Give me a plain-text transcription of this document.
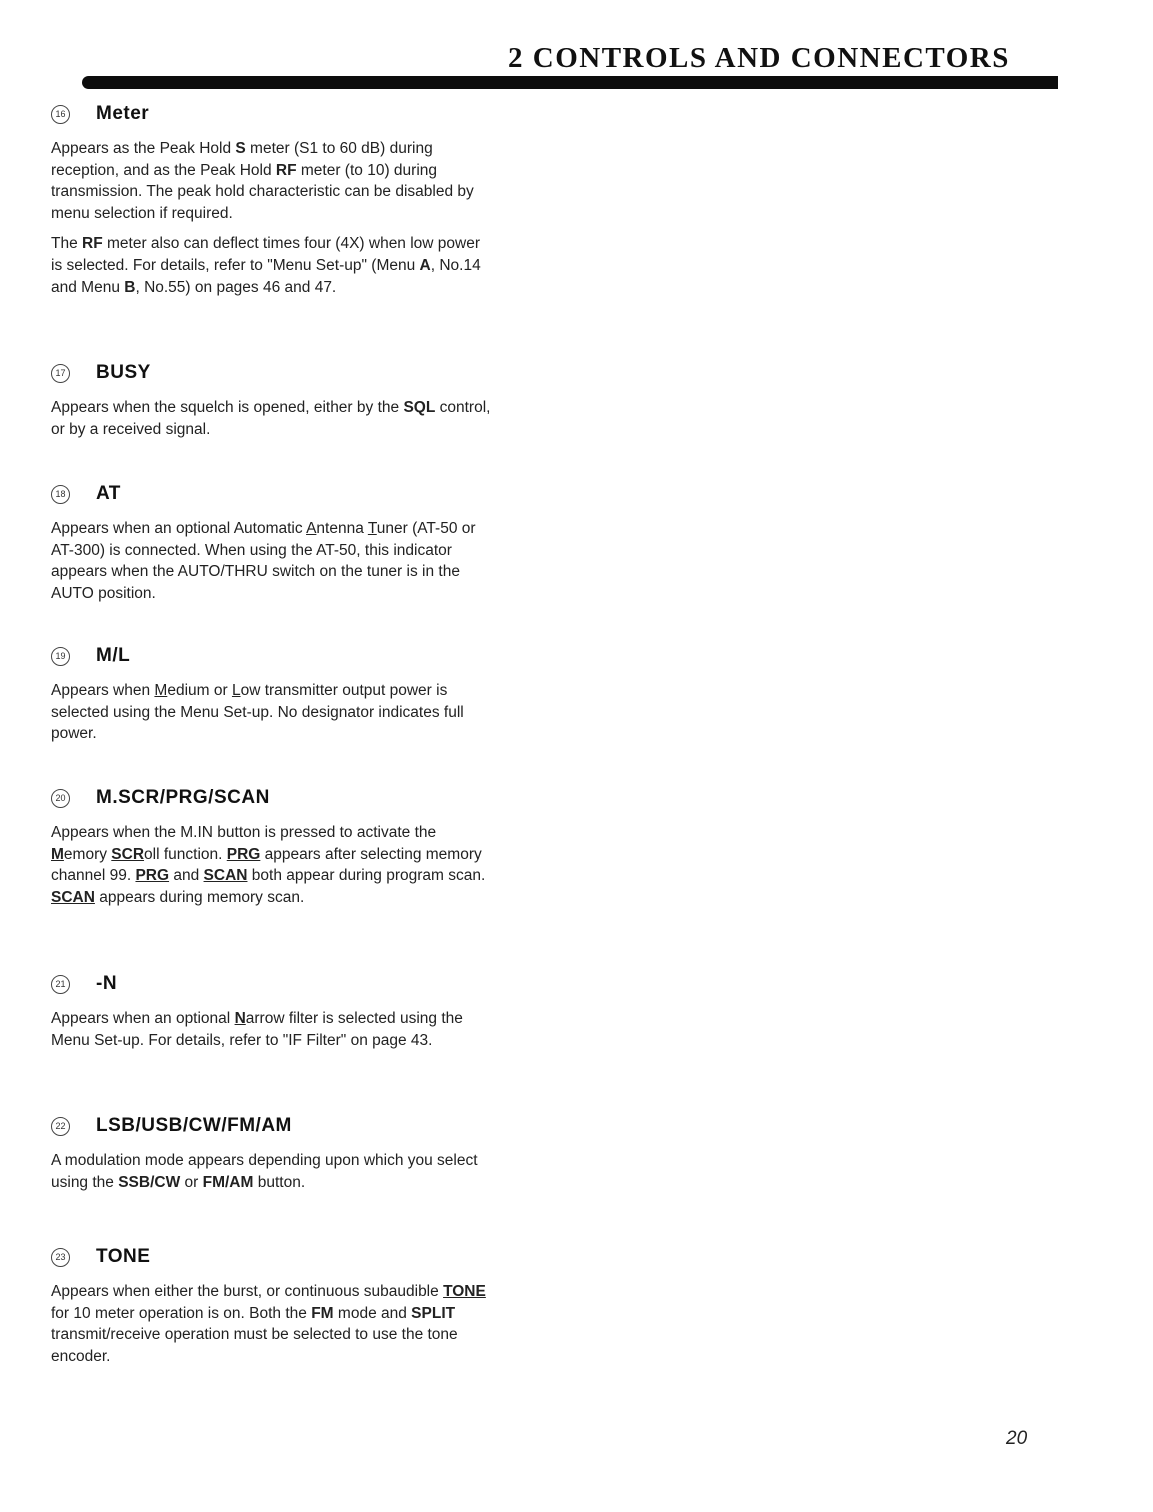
2 CONTROLS AND CONNECTORS
16 Meter

Appears as the Peak Hold S meter (S1 to 60 dB) during reception, and as the Peak Hold RF meter (to 10) during transmission. The peak hold characteristic can be disabled by menu selection if required.

The RF meter also can deflect times four (4X) when low power is selected. For details, refer to "Menu Set-up" (Menu A, No.14 and Menu B, No.55) on pages 46 and 47.

17 BUSY

Appears when the squelch is opened, either by the SQL control, or by a received signal.

18 AT

Appears when an optional Automatic Antenna Tuner (AT-50 or AT-300) is connected. When using the AT-50, this indicator appears when the AUTO/THRU switch on the tuner is in the AUTO position.

19 M/L

Appears when Medium or Low transmitter output power is selected using the Menu Set-up. No designator indicates full power.

20 M.SCR/PRG/SCAN

Appears when the M.IN button is pressed to activate the Memory SCRoll function. PRG appears after selecting memory channel 99. PRG and SCAN both appear during program scan. SCAN appears during memory scan.

21 -N

Appears when an optional Narrow filter is selected using the Menu Set-up. For details, refer to "IF Filter" on page 43.

22 LSB/USB/CW/FM/AM

A modulation mode appears depending upon which you select using the SSB/CW or FM/AM button.

23 TONE

Appears when either the burst, or continuous subaudible TONE for 10 meter operation is on. Both the FM mode and SPLIT transmit/receive operation must be selected to use the tone encoder.

20
